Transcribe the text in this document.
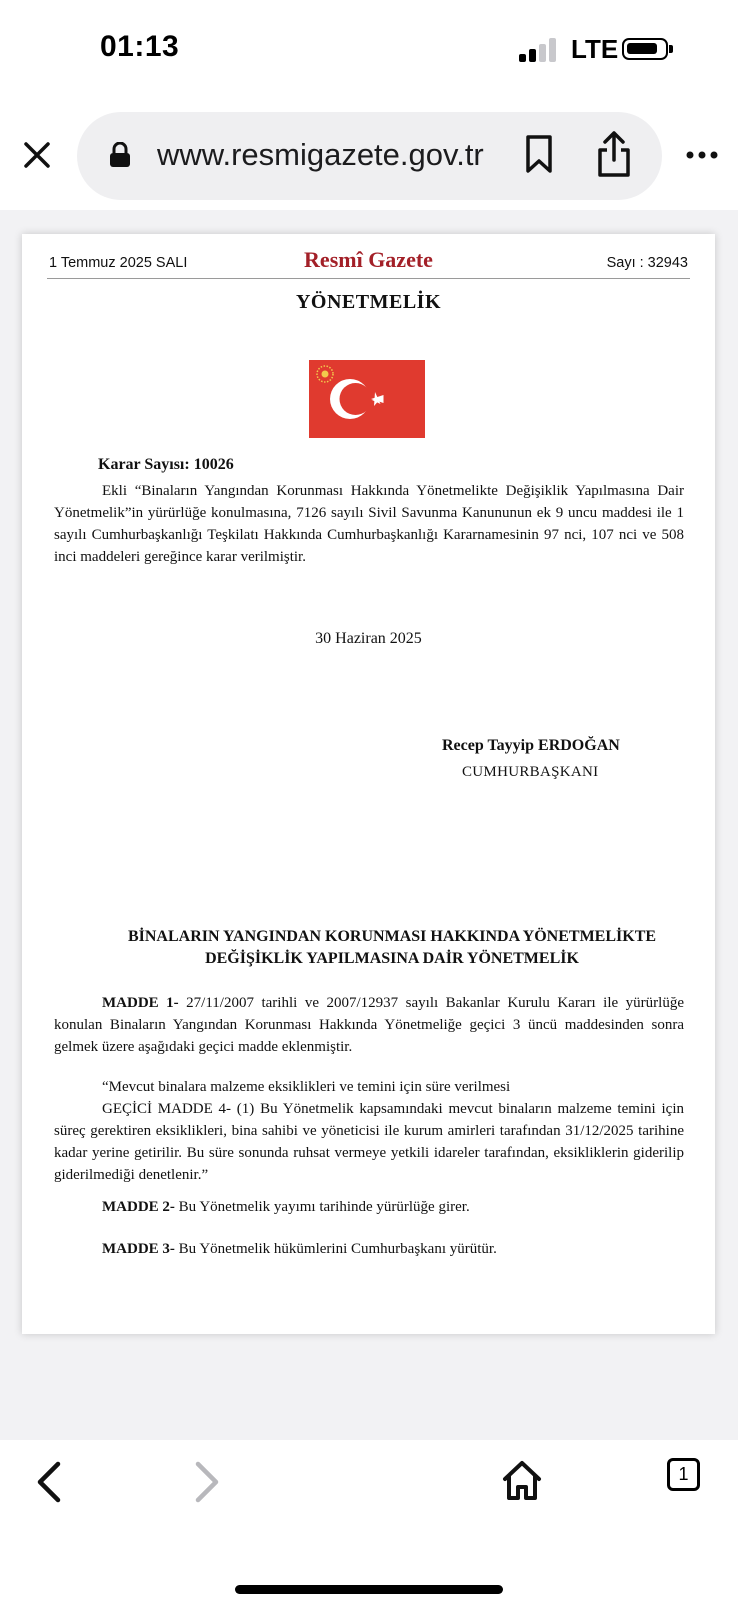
01:13	LTE
www.resmigazete.gov.tr
1 Temmuz 2025 SALI	Resmî Gazete	Sayı : 32943
YÖNETMELİK
Karar Sayısı: 10026
Ekli “Binaların Yangından Korunması Hakkında Yönetmelikte Değişiklik Yapılmasına Dair Yönetmelik”in yürürlüğe konulmasına, 7126 sayılı Sivil Savunma Kanununun ek 9 uncu maddesi ile 1 sayılı Cumhurbaşkanlığı Teşkilatı Hakkında Cumhurbaşkanlığı Kararnamesinin 97 nci, 107 nci ve 508 inci maddeleri gereğince karar verilmiştir.
30 Haziran 2025
Recep Tayyip ERDOĞAN
CUMHURBAŞKANI
BİNALARIN YANGINDAN KORUNMASI HAKKINDA YÖNETMELİKTE
DEĞİŞİKLİK YAPILMASINA DAİR YÖNETMELİK
MADDE 1- 27/11/2007 tarihli ve 2007/12937 sayılı Bakanlar Kurulu Kararı ile yürürlüğe konulan Binaların Yangından Korunması Hakkında Yönetmeliğe geçici 3 üncü maddesinden sonra gelmek üzere aşağıdaki geçici madde eklenmiştir.
“Mevcut binalara malzeme eksiklikleri ve temini için süre verilmesi
GEÇİCİ MADDE 4- (1) Bu Yönetmelik kapsamındaki mevcut binaların malzeme temini için süreç gerektiren eksiklikleri, bina sahibi ve yöneticisi ile kurum amirleri tarafından 31/12/2025 tarihine kadar yerine getirilir. Bu süre sonunda ruhsat vermeye yetkili idareler tarafından, eksikliklerin giderilip giderilmediği denetlenir.”
MADDE 2- Bu Yönetmelik yayımı tarihinde yürürlüğe girer.
MADDE 3- Bu Yönetmelik hükümlerini Cumhurbaşkanı yürütür.
1
